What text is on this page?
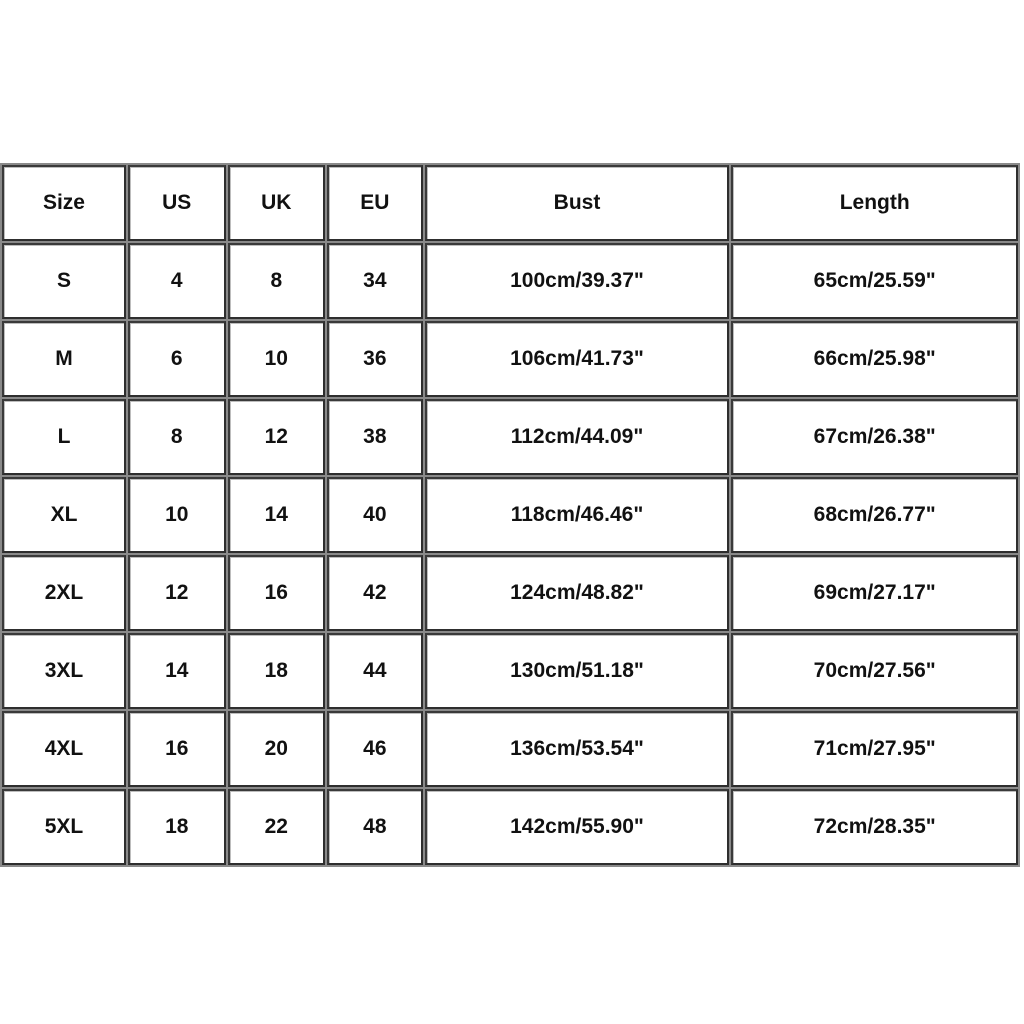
Size	US	UK	EU	Bust	Length
S	4	8	34	100cm/39.37"	65cm/25.59"
M	6	10	36	106cm/41.73"	66cm/25.98"
L	8	12	38	112cm/44.09"	67cm/26.38"
XL	10	14	40	118cm/46.46"	68cm/26.77"
2XL	12	16	42	124cm/48.82"	69cm/27.17"
3XL	14	18	44	130cm/51.18"	70cm/27.56"
4XL	16	20	46	136cm/53.54"	71cm/27.95"
5XL	18	22	48	142cm/55.90"	72cm/28.35"
